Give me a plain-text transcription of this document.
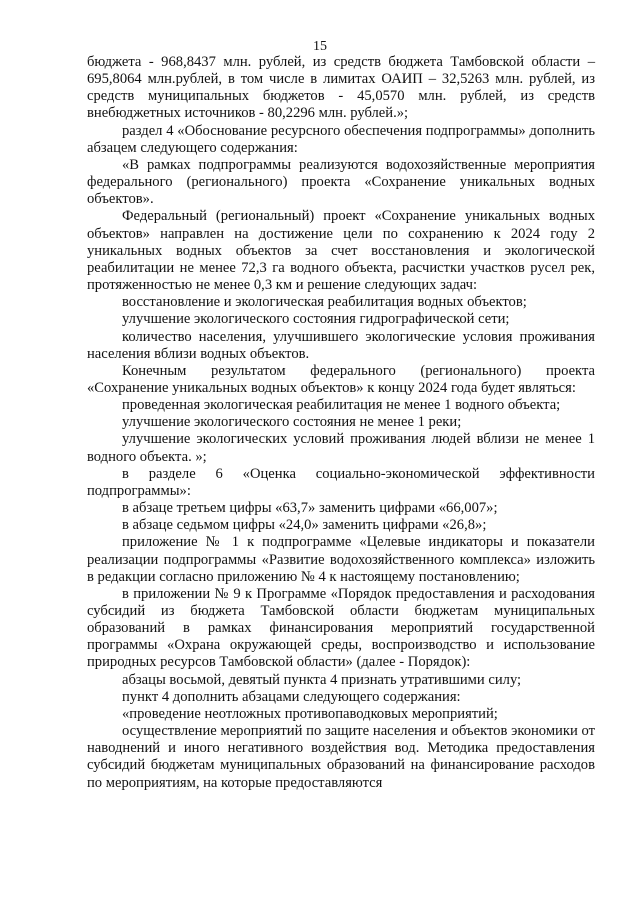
15

бюджета - 968,8437 млн. рублей, из средств бюджета Тамбовской области – 695,8064 млн.рублей, в том числе в лимитах ОАИП – 32,5263 млн. рублей, из средств муниципальных бюджетов - 45,0570 млн. рублей, из средств внебюджетных источников - 80,2296 млн. рублей.»;

раздел 4 «Обоснование ресурсного обеспечения подпрограммы» дополнить абзацем следующего содержания:

«В рамках подпрограммы реализуются водохозяйственные мероприятия федерального (регионального) проекта «Сохранение уникальных водных объектов».

Федеральный (региональный) проект «Сохранение уникальных водных объектов» направлен на достижение цели по сохранению к 2024 году 2 уникальных водных объектов за счет восстановления и экологической реабилитации не менее 72,3 га водного объекта, расчистки участков русел рек, протяженностью не менее 0,3 км и решение следующих задач:

восстановление и экологическая реабилитация водных объектов;

улучшение экологического состояния гидрографической сети;

количество населения, улучшившего экологические условия проживания населения вблизи водных объектов.

Конечным результатом федерального (регионального) проекта «Сохранение уникальных водных объектов» к концу 2024 года будет являться:

проведенная экологическая реабилитация не менее 1 водного объекта;

улучшение экологического состояния не менее 1 реки;

улучшение экологических условий проживания людей вблизи не менее 1 водного объекта. »;

в разделе 6 «Оценка социально-экономической эффективности подпрограммы»:

в абзаце третьем цифры «63,7» заменить цифрами «66,007»;

в абзаце седьмом цифры «24,0» заменить цифрами «26,8»;

приложение № 1 к подпрограмме «Целевые индикаторы и показатели реализации подпрограммы «Развитие водохозяйственного комплекса» изложить в редакции согласно приложению № 4 к настоящему постановлению;

в приложении № 9 к Программе «Порядок предоставления и расходования субсидий из бюджета Тамбовской области бюджетам муниципальных образований в рамках финансирования мероприятий государственной программы «Охрана окружающей среды, воспроизводство и использование природных ресурсов Тамбовской области» (далее - Порядок):

абзацы восьмой, девятый пункта 4 признать утратившими силу;

пункт 4 дополнить абзацами следующего содержания:

«проведение неотложных противопаводковых мероприятий;

осуществление мероприятий по защите населения и объектов экономики от наводнений и иного негативного воздействия вод. Методика предоставления субсидий бюджетам муниципальных образований на финансирование расходов по мероприятиям, на которые предоставляются
